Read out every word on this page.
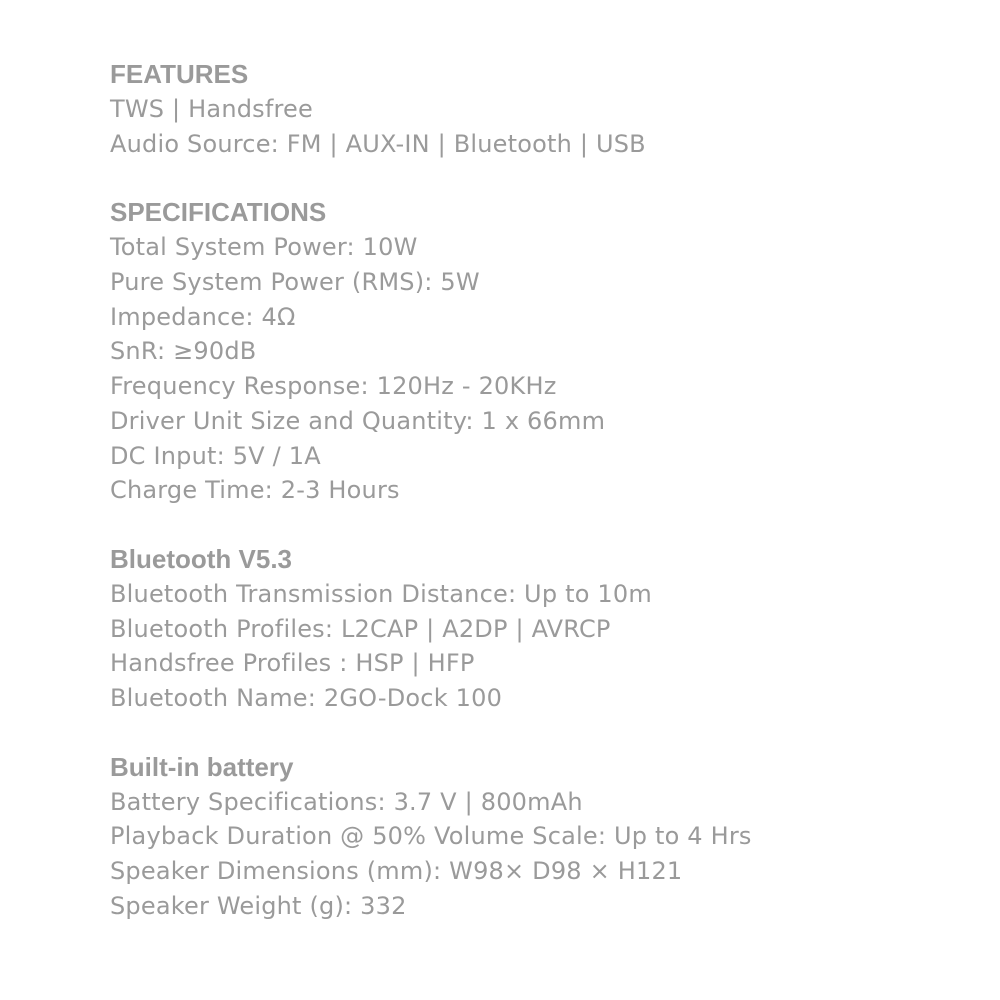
FEATURES
TWS | Handsfree
Audio Source: FM | AUX-IN | Bluetooth | USB
SPECIFICATIONS
Total System Power: 10W
Pure System Power (RMS): 5W
Impedance: 4Ω
SnR: ≥90dB
Frequency Response: 120Hz - 20KHz
Driver Unit Size and Quantity: 1 x 66mm
DC Input: 5V / 1A
Charge Time: 2-3 Hours
Bluetooth V5.3
Bluetooth Transmission Distance: Up to 10m
Bluetooth Profiles: L2CAP | A2DP | AVRCP
Handsfree Profiles : HSP | HFP
Bluetooth Name: 2GO-Dock 100
Built-in battery
Battery Specifications: 3.7 V | 800mAh
Playback Duration @ 50% Volume Scale: Up to 4 Hrs
Speaker Dimensions (mm): W98× D98 × H121
Speaker Weight (g): 332
